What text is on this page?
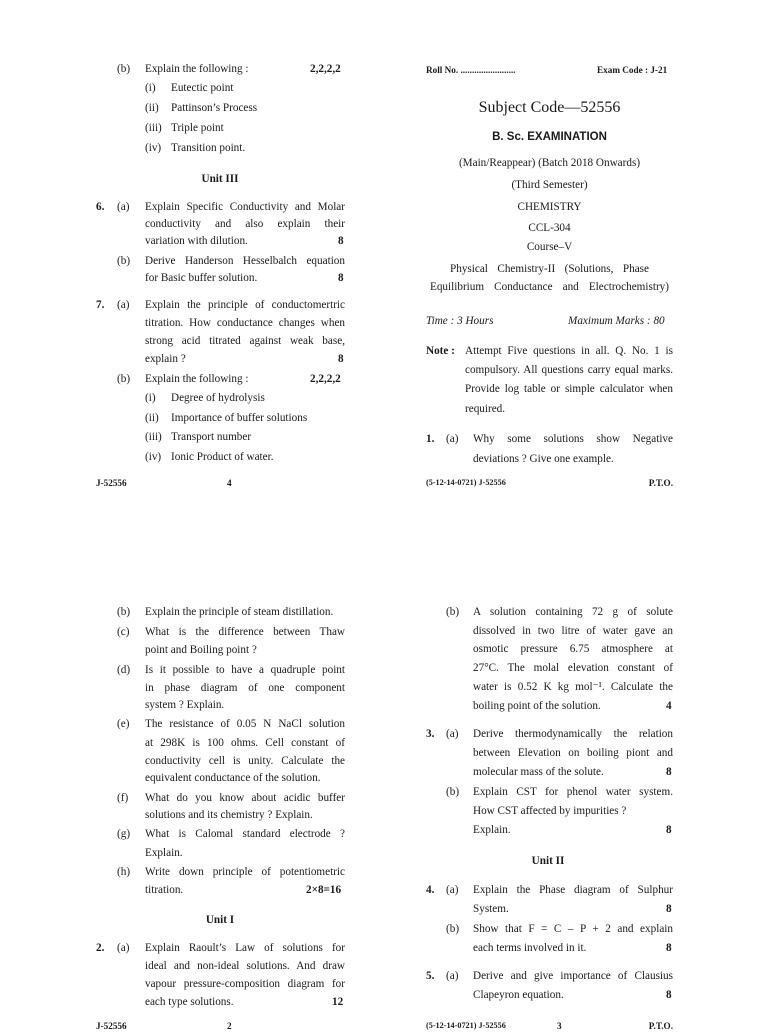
(b) Explain the following :	2,2,2,2
(i) Eutectic point
(ii) Pattinson’s Process
(iii) Triple point
(iv) Transition point.
Unit III
6. (a) Explain Specific Conductivity and Molar
conductivity and also explain their
variation with dilution.	8
(b) Derive Handerson Hesselbalch equation
for Basic buffer solution.	8
7. (a) Explain the principle of conductomertric
titration. How conductance changes when
strong acid titrated against weak base,
explain ?	8
(b) Explain the following :	2,2,2,2
(i) Degree of hydrolysis
(ii) Importance of buffer solutions
(iii) Transport number
(iv) Ionic Product of water.
J-52556	4
Roll No. ........................	Exam Code : J-21
Subject Code—52556
B. Sc. EXAMINATION
(Main/Reappear) (Batch 2018 Onwards)
(Third Semester)
CHEMISTRY
CCL-304
Course–V
Physical Chemistry-II (Solutions, Phase
Equilibrium Conductance and Electrochemistry)
Time : 3 Hours	Maximum Marks : 80
Note : Attempt Five questions in all. Q. No. 1 is
compulsory. All questions carry equal marks.
Provide log table or simple calculator when
required.
1. (a) Why some solutions show Negative
deviations ? Give one example.
(5-12-14-0721) J-52556	P.T.O.
(b) Explain the principle of steam distillation.
(c) What is the difference between Thaw
point and Boiling point ?
(d) Is it possible to have a quadruple point
in phase diagram of one component
system ? Explain.
(e) The resistance of 0.05 N NaCl solution
at 298K is 100 ohms. Cell constant of
conductivity cell is unity. Calculate the
equivalent conductance of the solution.
(f) What do you know about acidic buffer
solutions and its chemistry ? Explain.
(g) What is Calomal standard electrode ?
Explain.
(h) Write down principle of potentiometric
titration.	2×8=16
Unit I
2. (a) Explain Raoult’s Law of solutions for
ideal and non-ideal solutions. And draw
vapour pressure-composition diagram for
each type solutions.	12
J-52556	2
(b) A solution containing 72 g of solute
dissolved in two litre of water gave an
osmotic pressure 6.75 atmosphere at
27°C. The molal elevation constant of
water is 0.52 K kg mol⁻¹. Calculate the
boiling point of the solution.	4
3. (a) Derive thermodynamically the relation
between Elevation on boiling piont and
molecular mass of the solute.	8
(b) Explain CST for phenol water system.
How CST affected by impurities ?
Explain.	8
Unit II
4. (a) Explain the Phase diagram of Sulphur
System.	8
(b) Show that F = C – P + 2 and explain
each terms involved in it.	8
5. (a) Derive and give importance of Clausius
Clapeyron equation.	8
(5-12-14-0721) J-52556	3	P.T.O.
